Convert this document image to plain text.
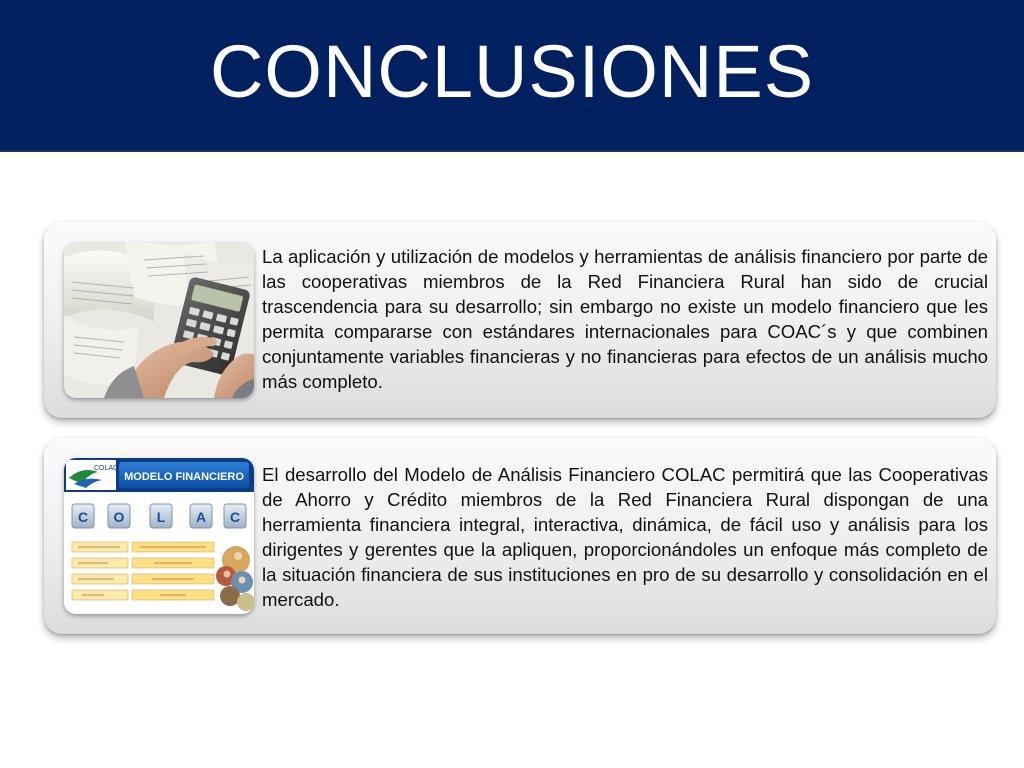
CONCLUSIONES
La aplicación y utilización de modelos y herramientas de análisis financiero por parte de las cooperativas miembros de la Red Financiera Rural han sido de crucial trascendencia para su desarrollo; sin embargo no existe un modelo financiero que les permita compararse con estándares internacionales para COAC´s y que combinen conjuntamente variables financieras y no financieras para efectos de un análisis mucho más completo.
COLAC
MODELO FINANCIERO
C O L A C
El desarrollo del Modelo de Análisis Financiero COLAC permitirá que las Cooperativas de Ahorro y Crédito miembros de la Red Financiera Rural dispongan de una herramienta financiera integral, interactiva, dinámica, de fácil uso y análisis para los dirigentes y gerentes que la apliquen, proporcionándoles un enfoque más completo de la situación financiera de sus instituciones en pro de su desarrollo y consolidación en el mercado.
